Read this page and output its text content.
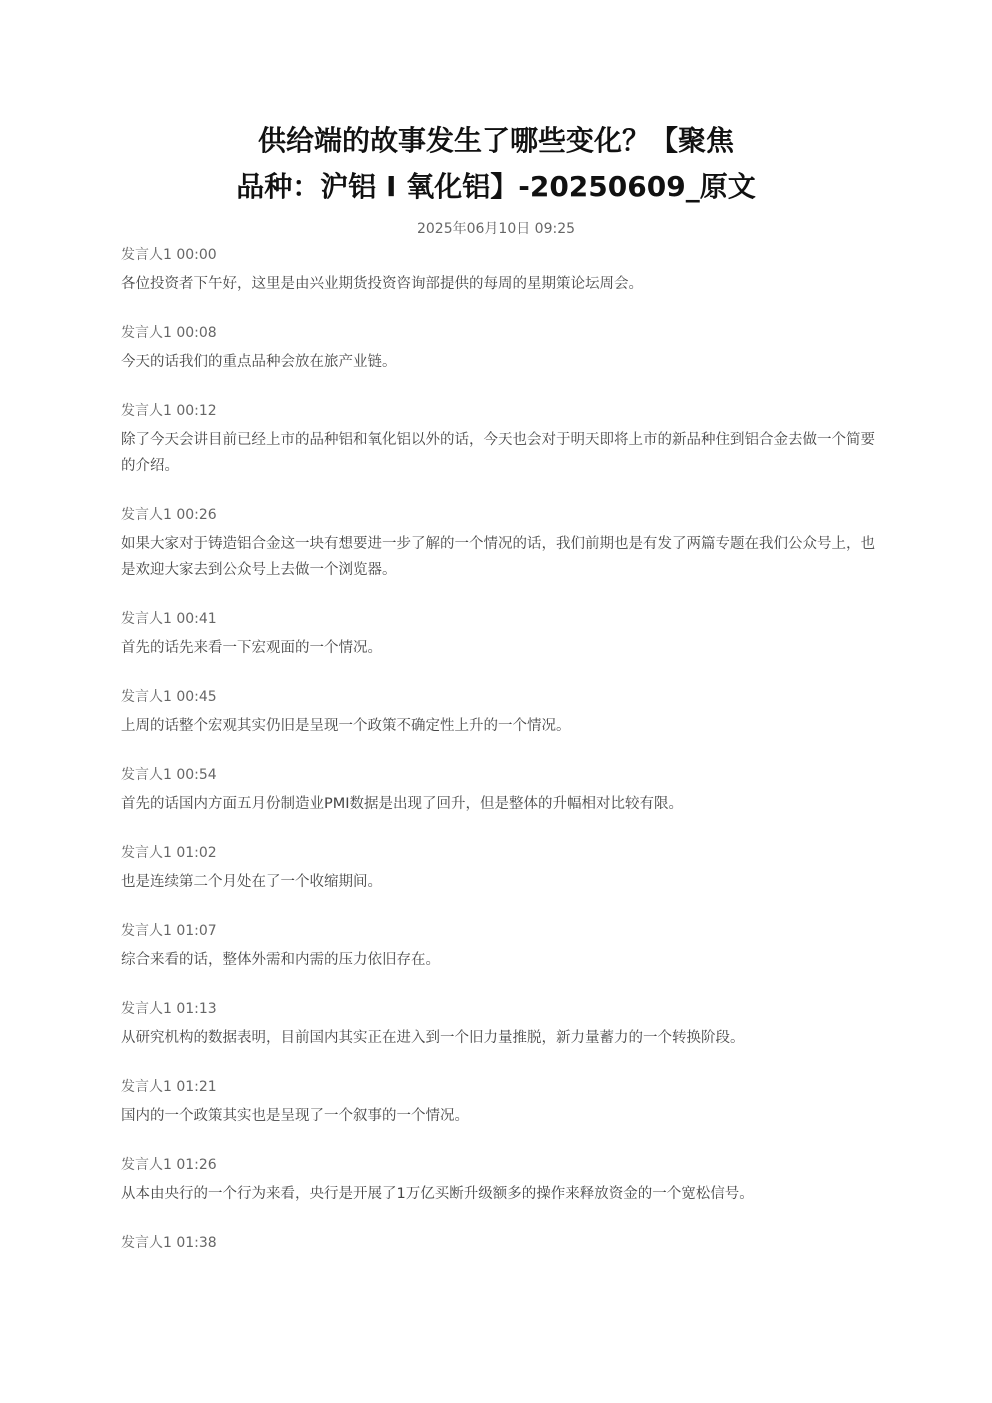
供给端的故事发生了哪些变化？【聚焦
品种：沪铝 I 氧化铝】-20250609_原文
2025年06月10日 09:25
发言人1 00:00
各位投资者下午好，这里是由兴业期货投资咨询部提供的每周的星期策论坛周会。
发言人1 00:08
今天的话我们的重点品种会放在旅产业链。
发言人1 00:12
除了今天会讲目前已经上市的品种铝和氧化铝以外的话，今天也会对于明天即将上市的新品种住到铝合金去做一个简要的介绍。
发言人1 00:26
如果大家对于铸造铝合金这一块有想要进一步了解的一个情况的话，我们前期也是有发了两篇专题在我们公众号上，也是欢迎大家去到公众号上去做一个浏览器。
发言人1 00:41
首先的话先来看一下宏观面的一个情况。
发言人1 00:45
上周的话整个宏观其实仍旧是呈现一个政策不确定性上升的一个情况。
发言人1 00:54
首先的话国内方面五月份制造业PMI数据是出现了回升，但是整体的升幅相对比较有限。
发言人1 01:02
也是连续第二个月处在了一个收缩期间。
发言人1 01:07
综合来看的话，整体外需和内需的压力依旧存在。
发言人1 01:13
从研究机构的数据表明，目前国内其实正在进入到一个旧力量推脱，新力量蓄力的一个转换阶段。
发言人1 01:21
国内的一个政策其实也是呈现了一个叙事的一个情况。
发言人1 01:26
从本由央行的一个行为来看，央行是开展了1万亿买断升级额多的操作来释放资金的一个宽松信号。
发言人1 01:38
